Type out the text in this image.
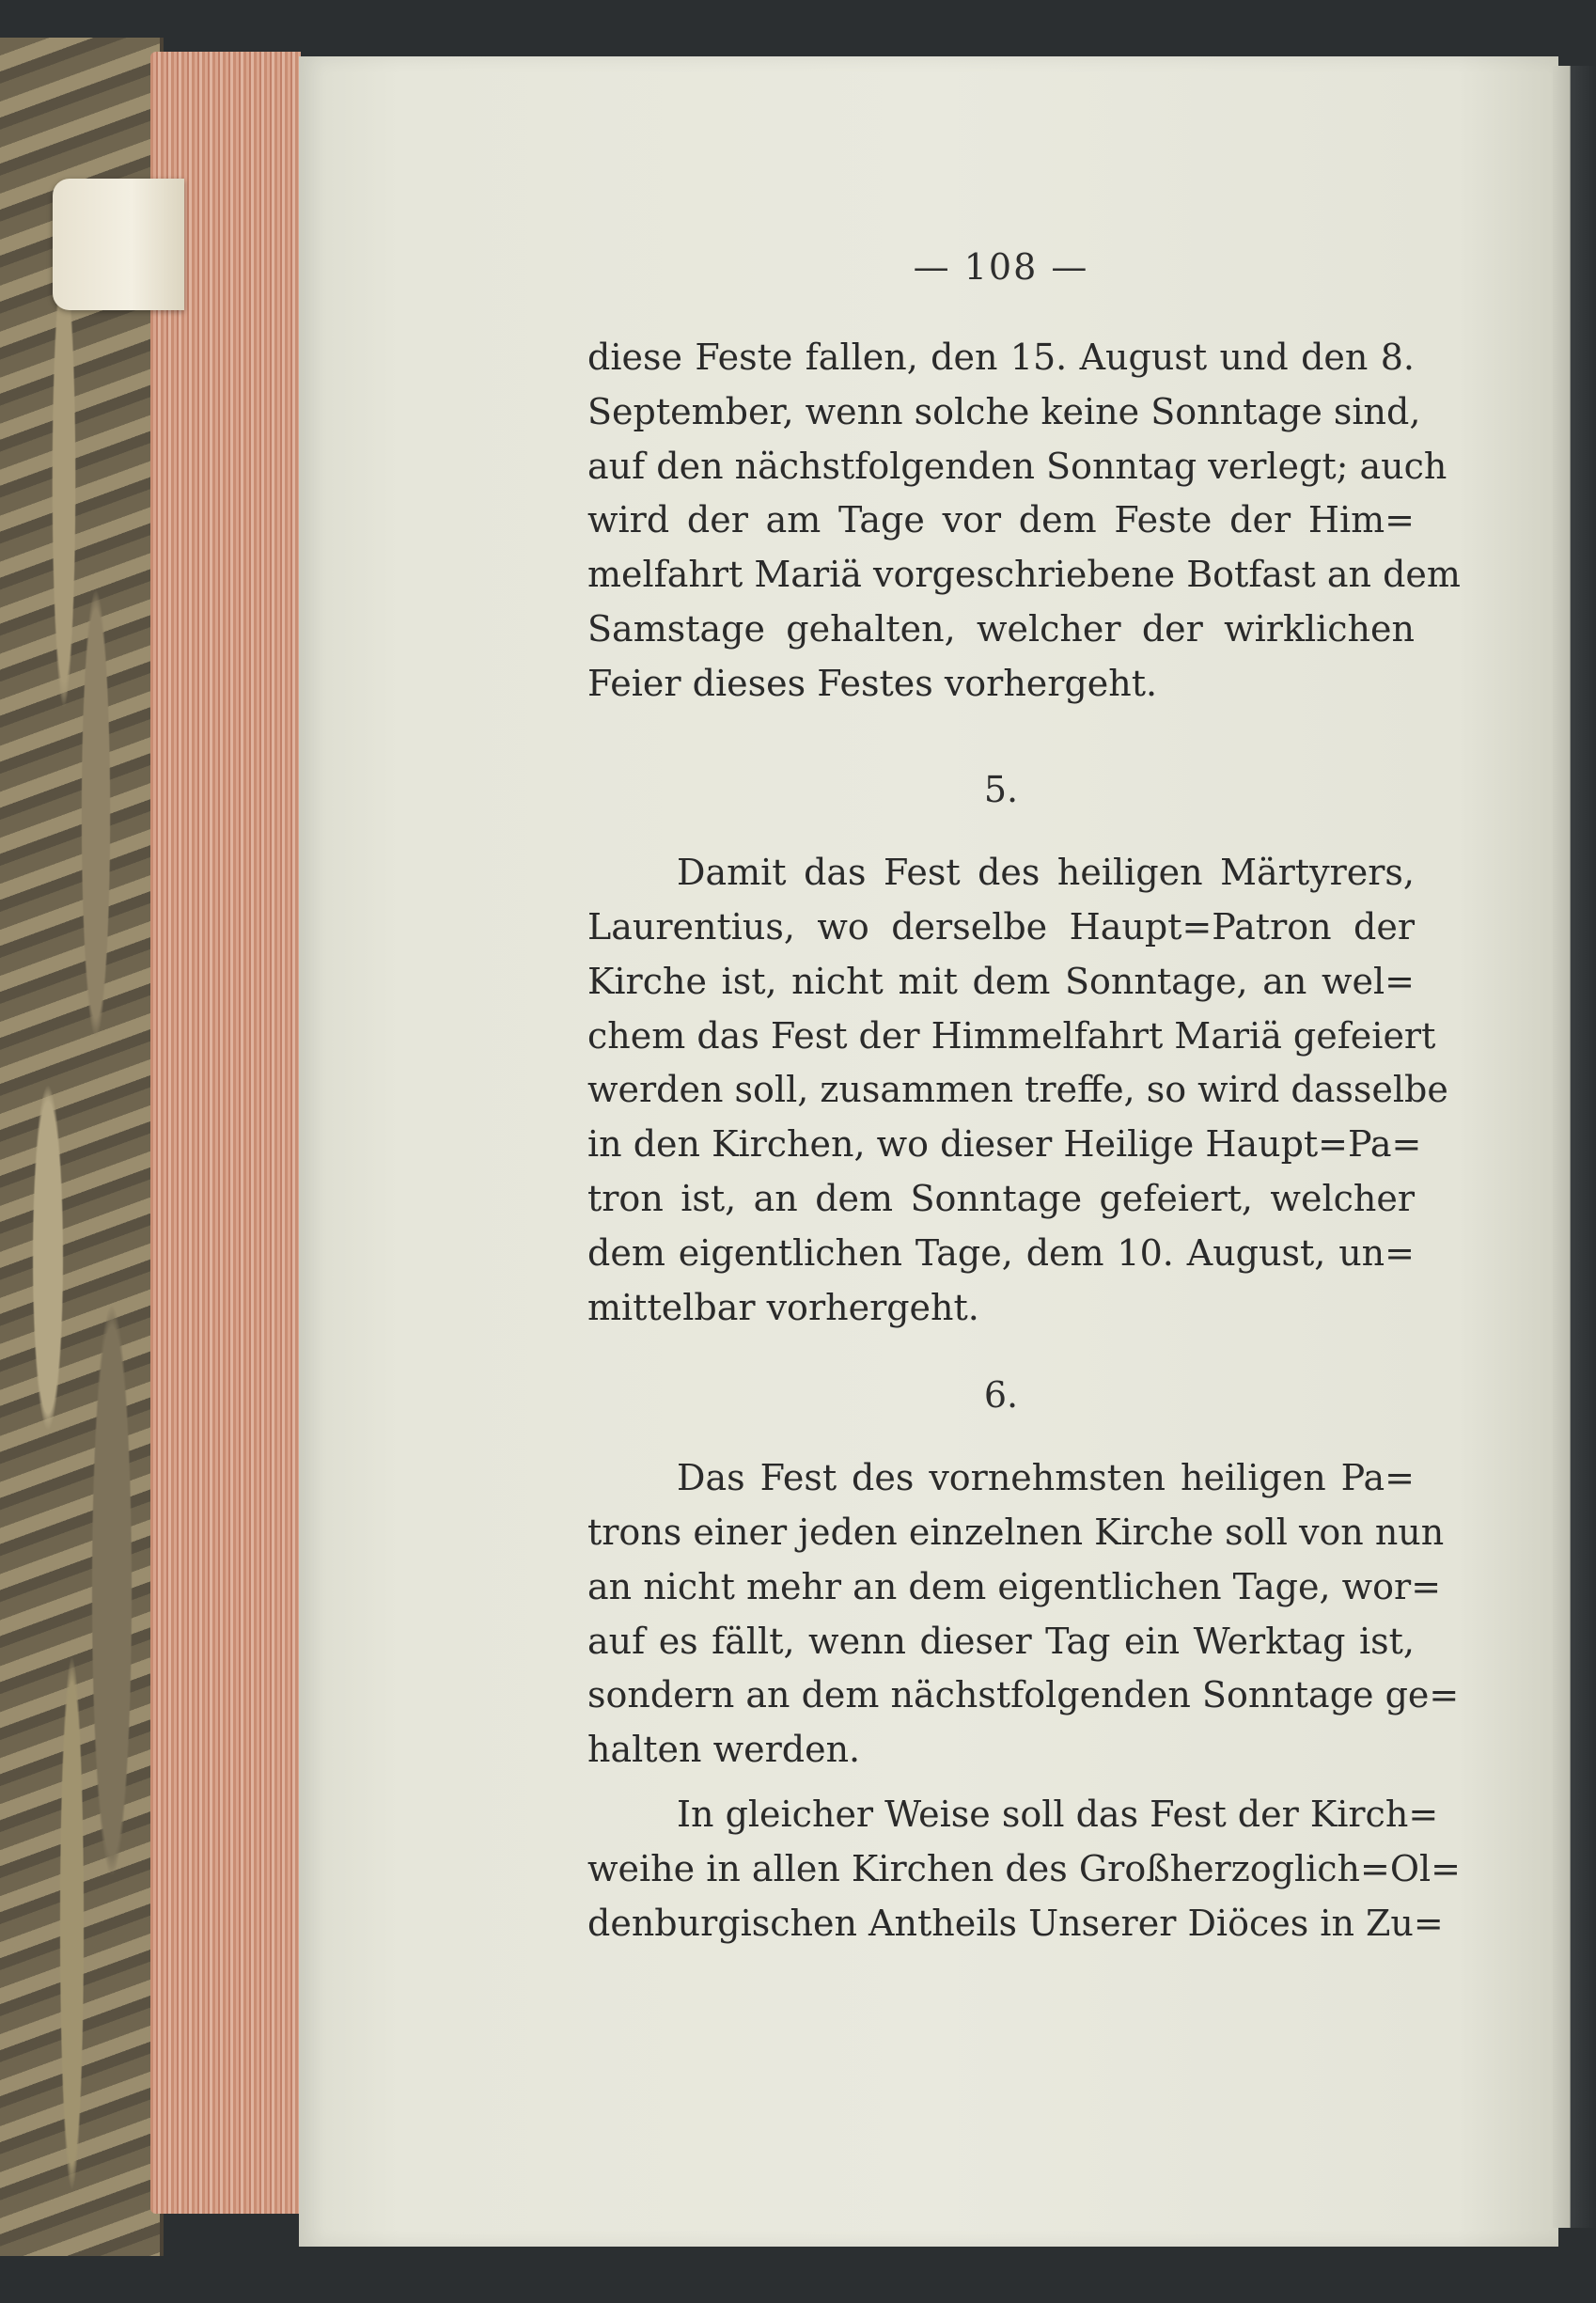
— 108 —
diese Feste fallen, den 15. August und den 8.
September, wenn solche keine Sonntage sind,
auf den nächstfolgenden Sonntag verlegt; auch
wird der am Tage vor dem Feste der Him=
melfahrt Mariä vorgeschriebene Botfast an dem
Samstage gehalten, welcher der wirklichen
Feier dieses Festes vorhergeht.
5.
Damit das Fest des heiligen Märtyrers,
Laurentius, wo derselbe Haupt=Patron der
Kirche ist, nicht mit dem Sonntage, an wel=
chem das Fest der Himmelfahrt Mariä gefeiert
werden soll, zusammen treffe, so wird dasselbe
in den Kirchen, wo dieser Heilige Haupt=Pa=
tron ist, an dem Sonntage gefeiert, welcher
dem eigentlichen Tage, dem 10. August, un=
mittelbar vorhergeht.
6.
Das Fest des vornehmsten heiligen Pa=
trons einer jeden einzelnen Kirche soll von nun
an nicht mehr an dem eigentlichen Tage, wor=
auf es fällt, wenn dieser Tag ein Werktag ist,
sondern an dem nächstfolgenden Sonntage ge=
halten werden.
In gleicher Weise soll das Fest der Kirch=
weihe in allen Kirchen des Großherzoglich=Ol=
denburgischen Antheils Unserer Diöces in Zu=
